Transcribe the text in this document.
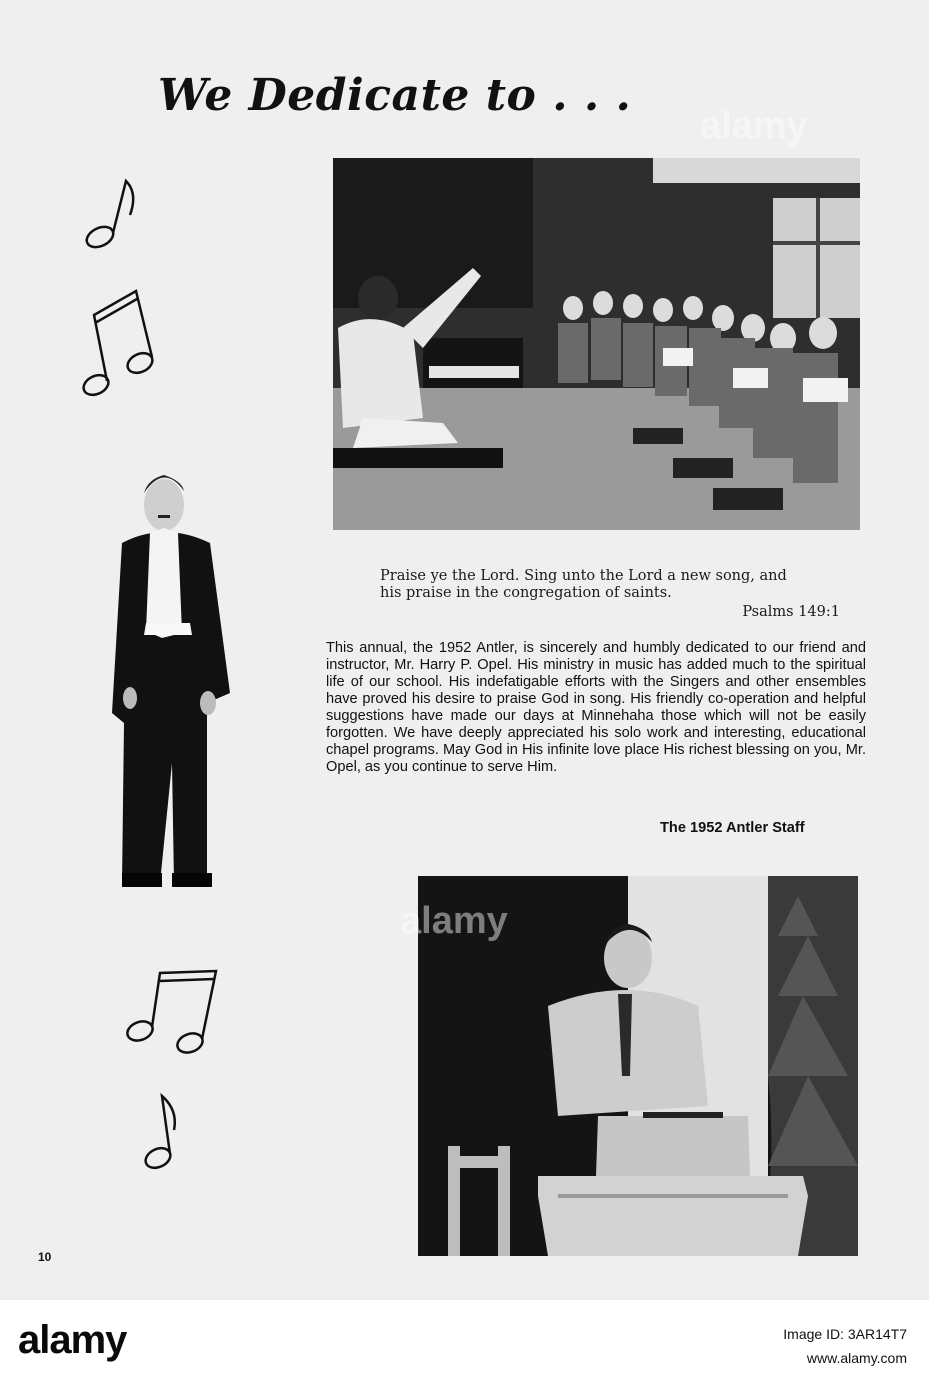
We Dedicate to . . .
Praise ye the Lord. Sing unto the Lord a new song, and
his praise in the congregation of saints.
Psalms 149:1
This annual, the 1952 Antler, is sincerely and humbly dedicated to our friend and instructor, Mr. Harry P. Opel. His ministry in music has added much to the spiritual life of our school. His indefatigable efforts with the Singers and other ensembles have proved his desire to praise God in song. His friendly co-operation and helpful suggestions have made our days at Minnehaha those which will not be easily forgotten. We have deeply appreciated his solo work and interesting, educational chapel programs. May God in His infinite love place His richest blessing on you, Mr. Opel, as you continue to serve Him.
The 1952 Antler Staff
10
alamy
alamy
alamy	Image ID: 3AR14T7
www.alamy.com
